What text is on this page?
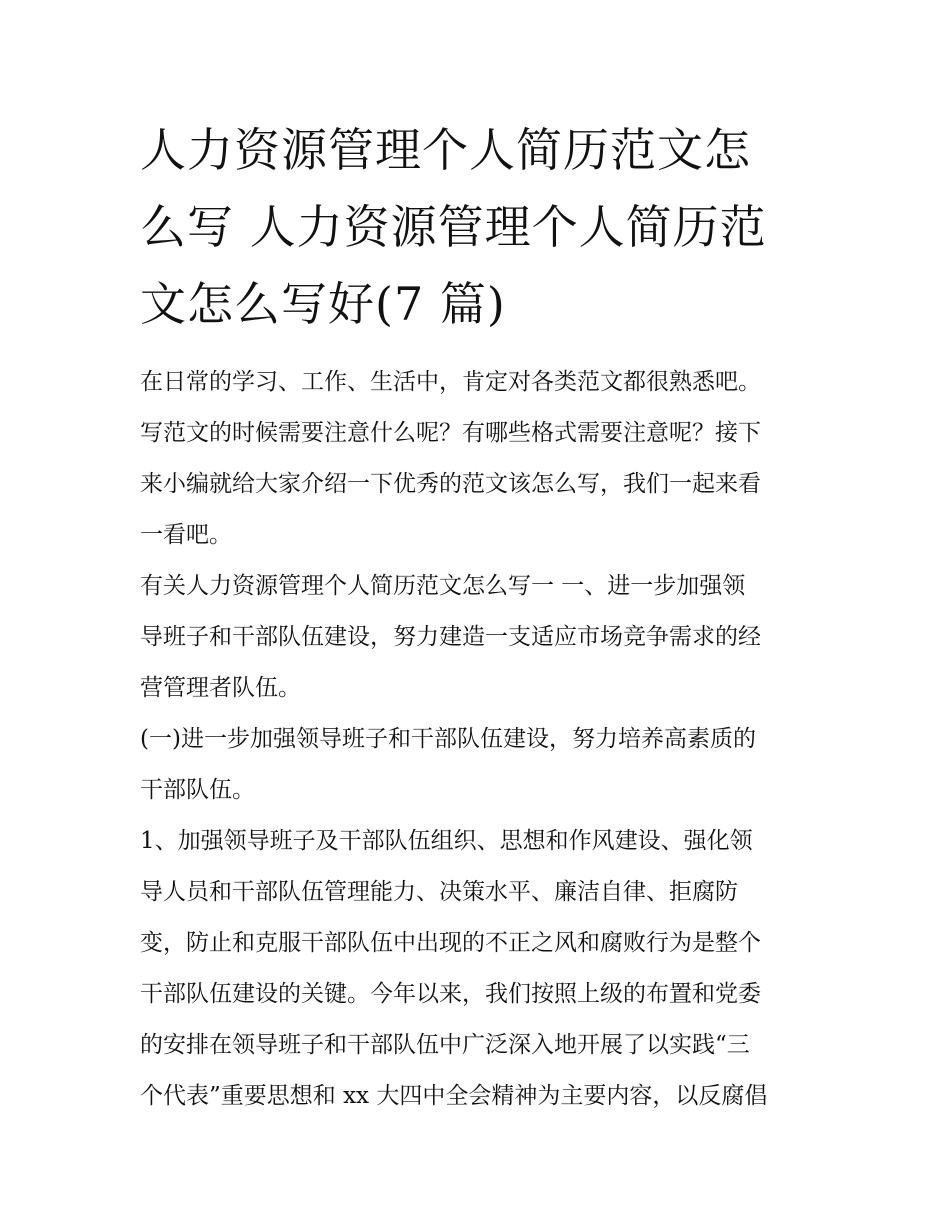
人力资源管理个人简历范文怎
么写 人力资源管理个人简历范
文怎么写好(7 篇)
在日常的学习、工作、生活中，肯定对各类范文都很熟悉吧。
写范文的时候需要注意什么呢？有哪些格式需要注意呢？接下
来小编就给大家介绍一下优秀的范文该怎么写，我们一起来看
一看吧。
有关人力资源管理个人简历范文怎么写一 一、进一步加强领
导班子和干部队伍建设，努力建造一支适应市场竞争需求的经
营管理者队伍。
(一)进一步加强领导班子和干部队伍建设，努力培养高素质的
干部队伍。
1、加强领导班子及干部队伍组织、思想和作风建设、强化领
导人员和干部队伍管理能力、决策水平、廉洁自律、拒腐防
变，防止和克服干部队伍中出现的不正之风和腐败行为是整个
干部队伍建设的关键。今年以来，我们按照上级的布置和党委
的安排在领导班子和干部队伍中广泛深入地开展了以实践“三
个代表”重要思想和 xx 大四中全会精神为主要内容，以反腐倡
